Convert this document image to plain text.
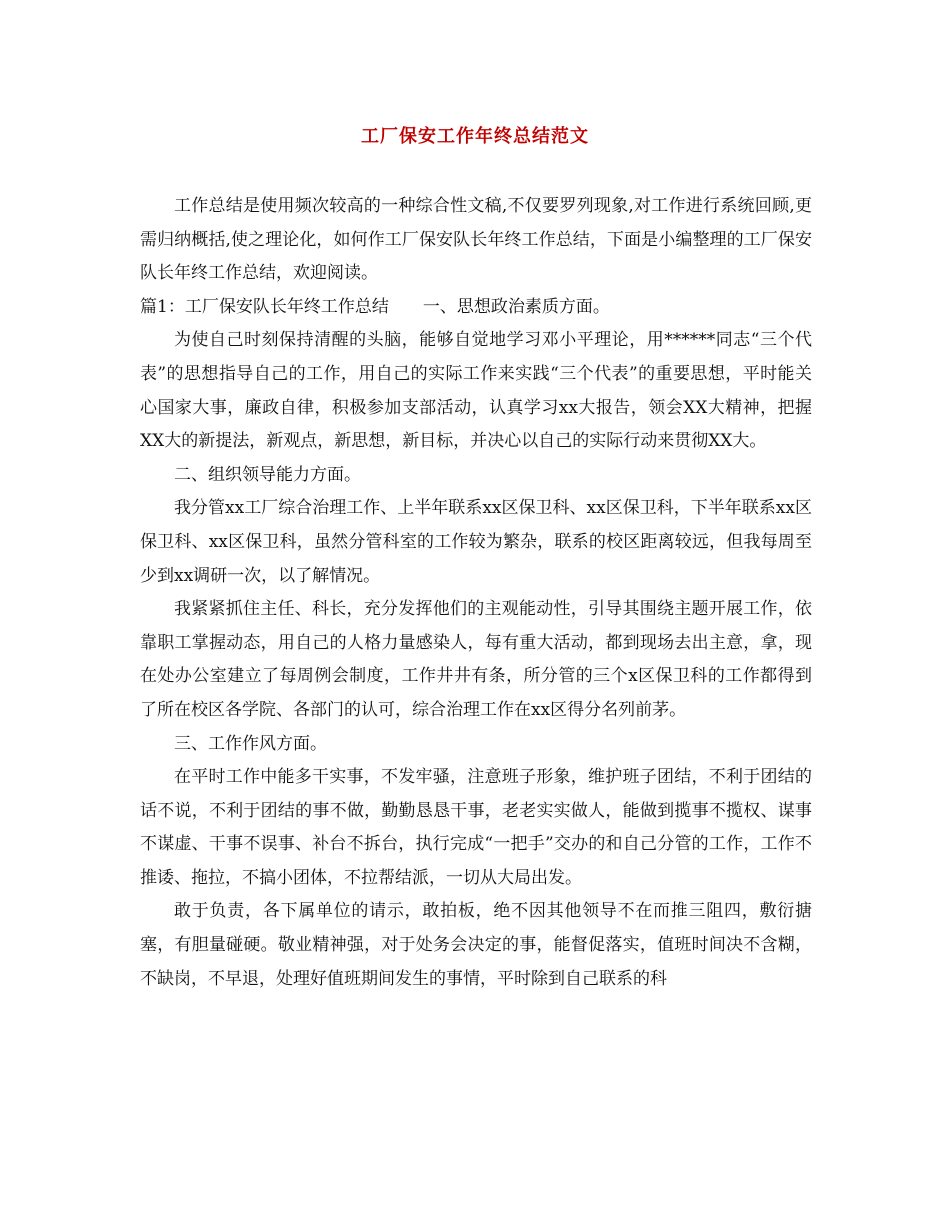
工厂保安工作年终总结范文

工作总结是使用频次较高的一种综合性文稿,不仅要罗列现象,对工作进行系统回顾,更需归纳概括,使之理论化，如何作工厂保安队长年终工作总结，下面是小编整理的工厂保安队长年终工作总结，欢迎阅读。

篇1：工厂保安队长年终工作总结　　一、思想政治素质方面。

为使自己时刻保持清醒的头脑，能够自觉地学习邓小平理论，用******同志“三个代表”的思想指导自己的工作，用自己的实际工作来实践“三个代表”的重要思想，平时能关心国家大事，廉政自律，积极参加支部活动，认真学习xx大报告，领会XX大精神，把握XX大的新提法，新观点，新思想，新目标，并决心以自己的实际行动来贯彻XX大。

二、组织领导能力方面。

我分管xx工厂综合治理工作、上半年联系xx区保卫科、xx区保卫科，下半年联系xx区保卫科、xx区保卫科，虽然分管科室的工作较为繁杂，联系的校区距离较远，但我每周至少到xx调研一次，以了解情况。

我紧紧抓住主任、科长，充分发挥他们的主观能动性，引导其围绕主题开展工作，依靠职工掌握动态，用自己的人格力量感染人，每有重大活动，都到现场去出主意，拿，现在处办公室建立了每周例会制度，工作井井有条，所分管的三个x区保卫科的工作都得到了所在校区各学院、各部门的认可，综合治理工作在xx区得分名列前茅。

三、工作作风方面。

在平时工作中能多干实事，不发牢骚，注意班子形象，维护班子团结，不利于团结的话不说，不利于团结的事不做，勤勤恳恳干事，老老实实做人，能做到揽事不揽权、谋事不谋虚、干事不误事、补台不拆台，执行完成“一把手”交办的和自己分管的工作，工作不推诿、拖拉，不搞小团体，不拉帮结派，一切从大局出发。

敢于负责，各下属单位的请示，敢拍板，绝不因其他领导不在而推三阻四，敷衍搪塞，有胆量碰硬。敬业精神强，对于处务会决定的事，能督促落实，值班时间决不含糊，不缺岗，不早退，处理好值班期间发生的事情，平时除到自己联系的科
